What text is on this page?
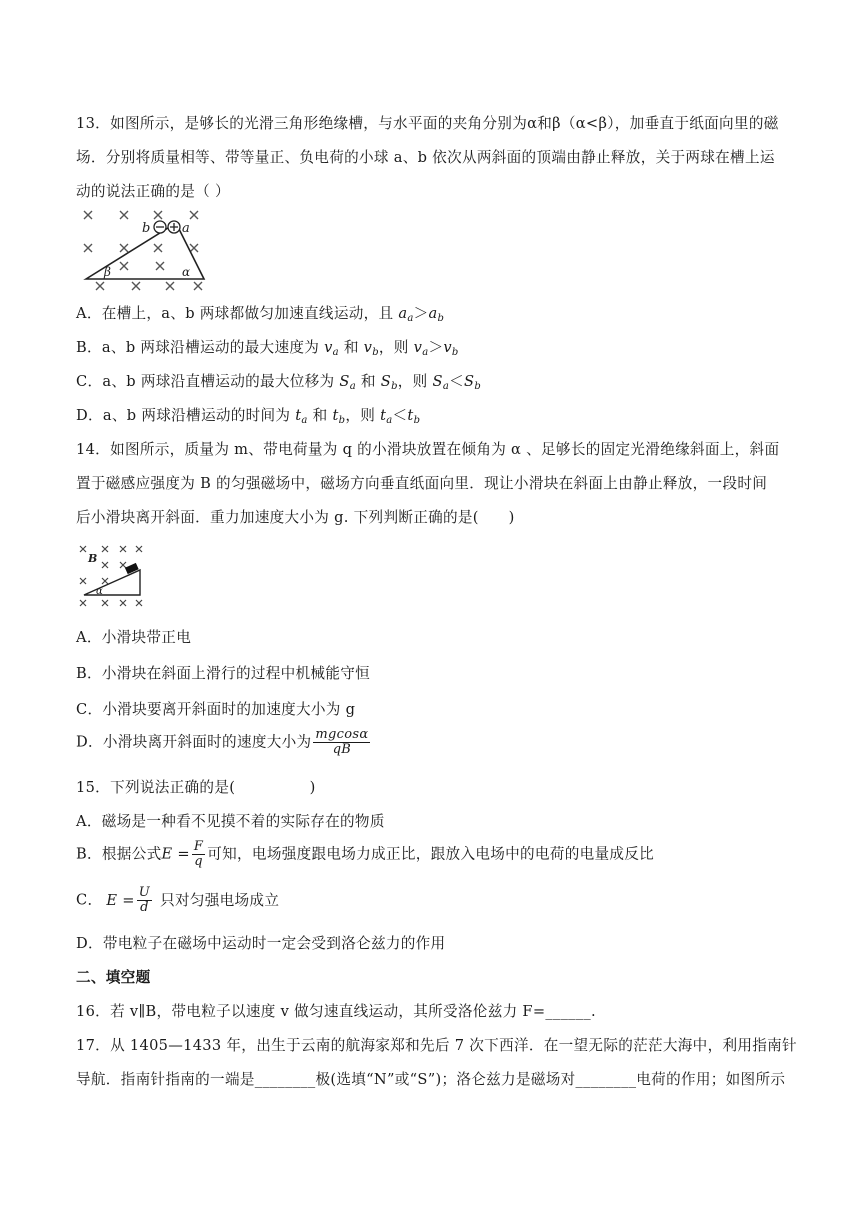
13．如图所示，是够长的光滑三角形绝缘槽，与水平面的夹角分别为α和β（α<β），加垂直于纸面向里的磁
场．分别将质量相等、带等量正、负电荷的小球 a、b 依次从两斜面的顶端由静止释放，关于两球在槽上运
动的说法正确的是（ ）
b a
β	α
A．在槽上，a、b 两球都做匀加速直线运动，且 $a_a>a_b$
B．a、b 两球沿槽运动的最大速度为 $v_a$ 和 $v_b$，则 $v_a>v_b$
C．a、b 两球沿直槽运动的最大位移为 $S_a$ 和 $S_b$，则 $S_a<S_b$
D．a、b 两球沿槽运动的时间为 $t_a$ 和 $t_b$，则 $t_a<t_b$
14．如图所示，质量为 m、带电荷量为 q 的小滑块放置在倾角为 α 、足够长的固定光滑绝缘斜面上，斜面
置于磁感应强度为 B 的匀强磁场中，磁场方向垂直纸面向里．现让小滑块在斜面上由静止释放，一段时间
后小滑块离开斜面．重力加速度大小为 g. 下列判断正确的是(　　)
B
α
A．小滑块带正电
B．小滑块在斜面上滑行的过程中机械能守恒
C．小滑块要离开斜面时的加速度大小为 g
D．小滑块离开斜面时的速度大小为 $\frac{mgcos\alpha}{qB}$
15．下列说法正确的是(　　　　　)
A．磁场是一种看不见摸不着的实际存在的物质
B．根据公式$E = \frac{F}{q}$ 可知，电场强度跟电场力成正比，跟放入电场中的电荷的电量成反比
C． $E = \frac{U}{d}$ 只对匀强电场成立
D．带电粒子在磁场中运动时一定会受到洛仑兹力的作用
二、填空题
16．若 v∥B，带电粒子以速度 v 做匀速直线运动，其所受洛伦兹力 F=______.
17．从 1405—1433 年，出生于云南的航海家郑和先后 7 次下西洋．在一望无际的茫茫大海中，利用指南针
导航．指南针指南的一端是________极(选填“N”或“S”)；洛仑兹力是磁场对________电荷的作用；如图所示
